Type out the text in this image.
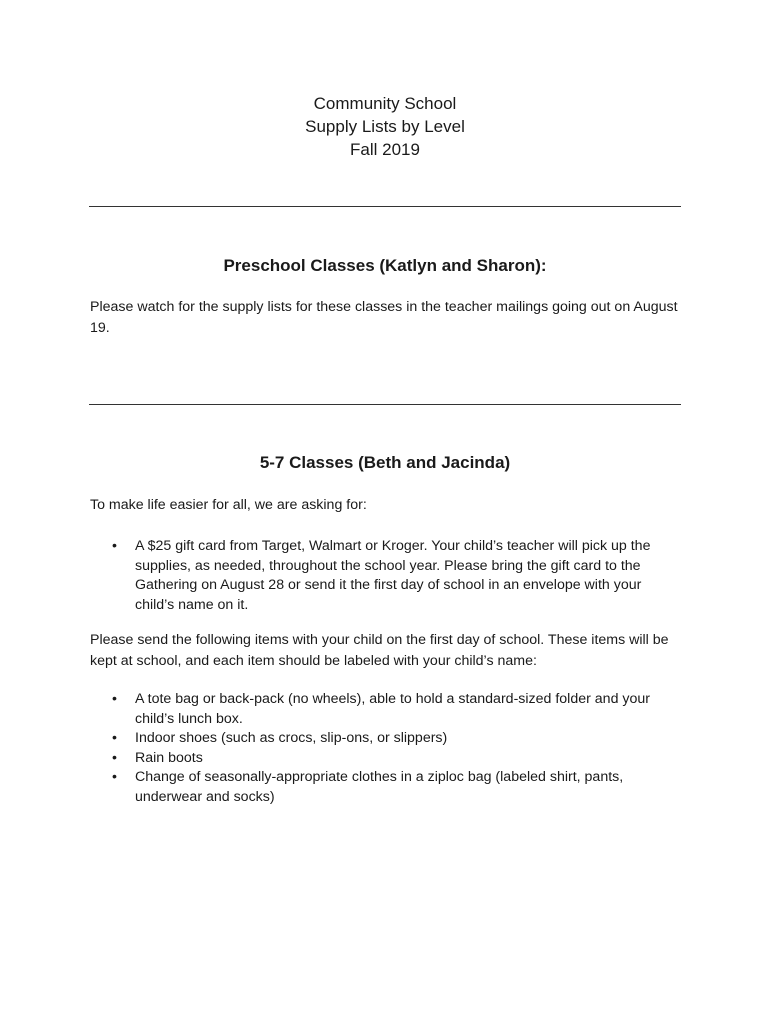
Community School
Supply Lists by Level
Fall 2019
Preschool Classes (Katlyn and Sharon):
Please watch for the supply lists for these classes in the teacher mailings going out on August 19.
5-7 Classes (Beth and Jacinda)
To make life easier for all, we are asking for:
• A $25 gift card from Target, Walmart or Kroger. Your child’s teacher will pick up the supplies, as needed, throughout the school year. Please bring the gift card to the Gathering on August 28 or send it the first day of school in an envelope with your child’s name on it.
Please send the following items with your child on the first day of school. These items will be kept at school, and each item should be labeled with your child’s name:
• A tote bag or back-pack (no wheels), able to hold a standard-sized folder and your child’s lunch box.
• Indoor shoes (such as crocs, slip-ons, or slippers)
• Rain boots
• Change of seasonally-appropriate clothes in a ziploc bag (labeled shirt, pants, underwear and socks)
